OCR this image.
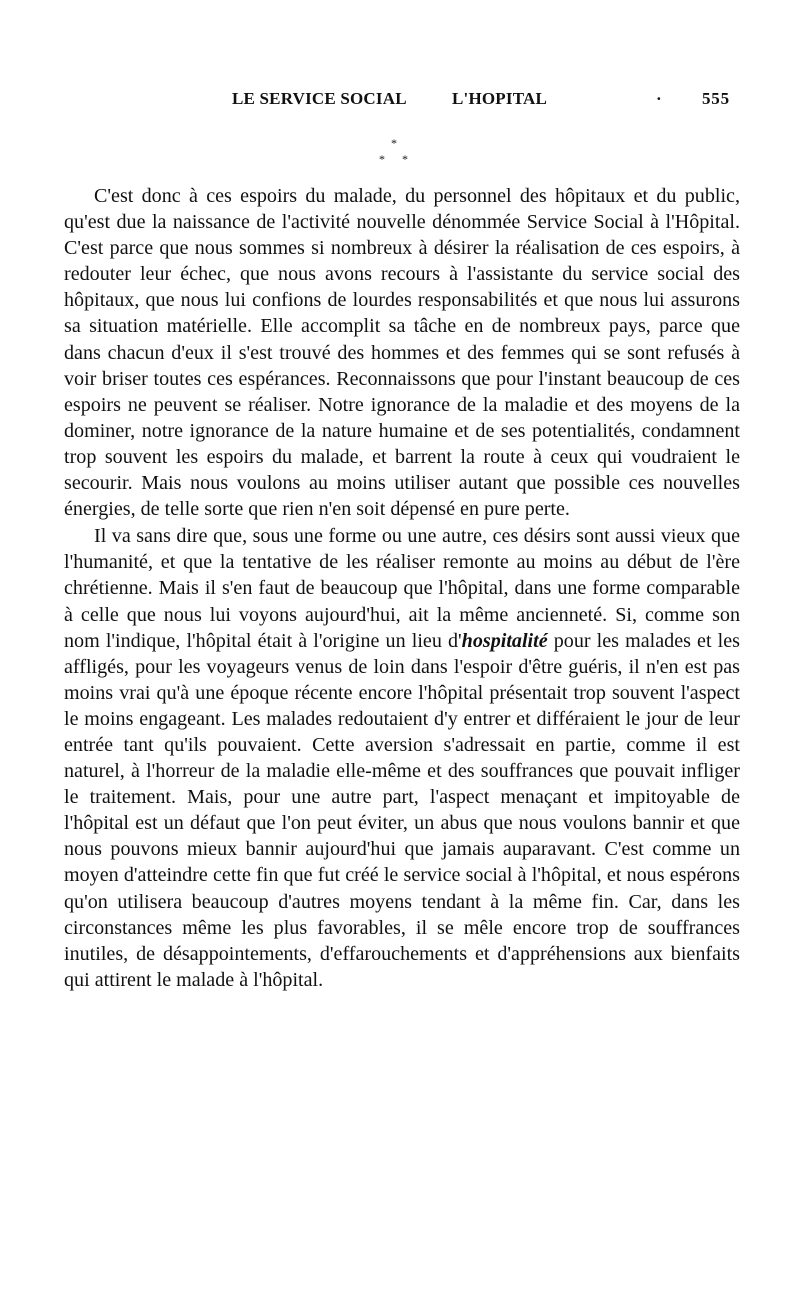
LE SERVICE SOCIAL	L'HOPITAL	· 555
*
* *

C'est donc à ces espoirs du malade, du personnel des hôpitaux et du public, qu'est due la naissance de l'activité nouvelle dénommée Service Social à l'Hôpital. C'est parce que nous sommes si nombreux à désirer la réalisation de ces espoirs, à redouter leur échec, que nous avons recours à l'assistante du service social des hôpitaux, que nous lui confions de lourdes responsabilités et que nous lui assurons sa situation matérielle. Elle accomplit sa tâche en de nombreux pays, parce que dans chacun d'eux il s'est trouvé des hommes et des femmes qui se sont refusés à voir briser toutes ces espérances. Reconnaissons que pour l'instant beaucoup de ces espoirs ne peuvent se réaliser. Notre ignorance de la maladie et des moyens de la dominer, notre ignorance de la nature humaine et de ses potentialités, condamnent trop souvent les espoirs du malade, et barrent la route à ceux qui voudraient le secourir. Mais nous voulons au moins utiliser autant que possible ces nouvelles énergies, de telle sorte que rien n'en soit dépensé en pure perte.

Il va sans dire que, sous une forme ou une autre, ces désirs sont aussi vieux que l'humanité, et que la tentative de les réaliser remonte au moins au début de l'ère chrétienne. Mais il s'en faut de beaucoup que l'hôpital, dans une forme comparable à celle que nous lui voyons aujourd'hui, ait la même ancienneté. Si, comme son nom l'indique, l'hôpital était à l'origine un lieu d'hospitalité pour les malades et les affligés, pour les voyageurs venus de loin dans l'espoir d'être guéris, il n'en est pas moins vrai qu'à une époque récente encore l'hôpital présentait trop souvent l'aspect le moins engageant. Les malades redoutaient d'y entrer et différaient le jour de leur entrée tant qu'ils pouvaient. Cette aversion s'adressait en partie, comme il est naturel, à l'horreur de la maladie elle-même et des souffrances que pouvait infliger le traitement. Mais, pour une autre part, l'aspect menaçant et impitoyable de l'hôpital est un défaut que l'on peut éviter, un abus que nous voulons bannir et que nous pouvons mieux bannir aujourd'hui que jamais auparavant. C'est comme un moyen d'atteindre cette fin que fut créé le service social à l'hôpital, et nous espérons qu'on utilisera beaucoup d'autres moyens tendant à la même fin. Car, dans les circonstances même les plus favorables, il se mêle encore trop de souffrances inutiles, de désappointements, d'effarouchements et d'appréhensions aux bienfaits qui attirent le malade à l'hôpital.
